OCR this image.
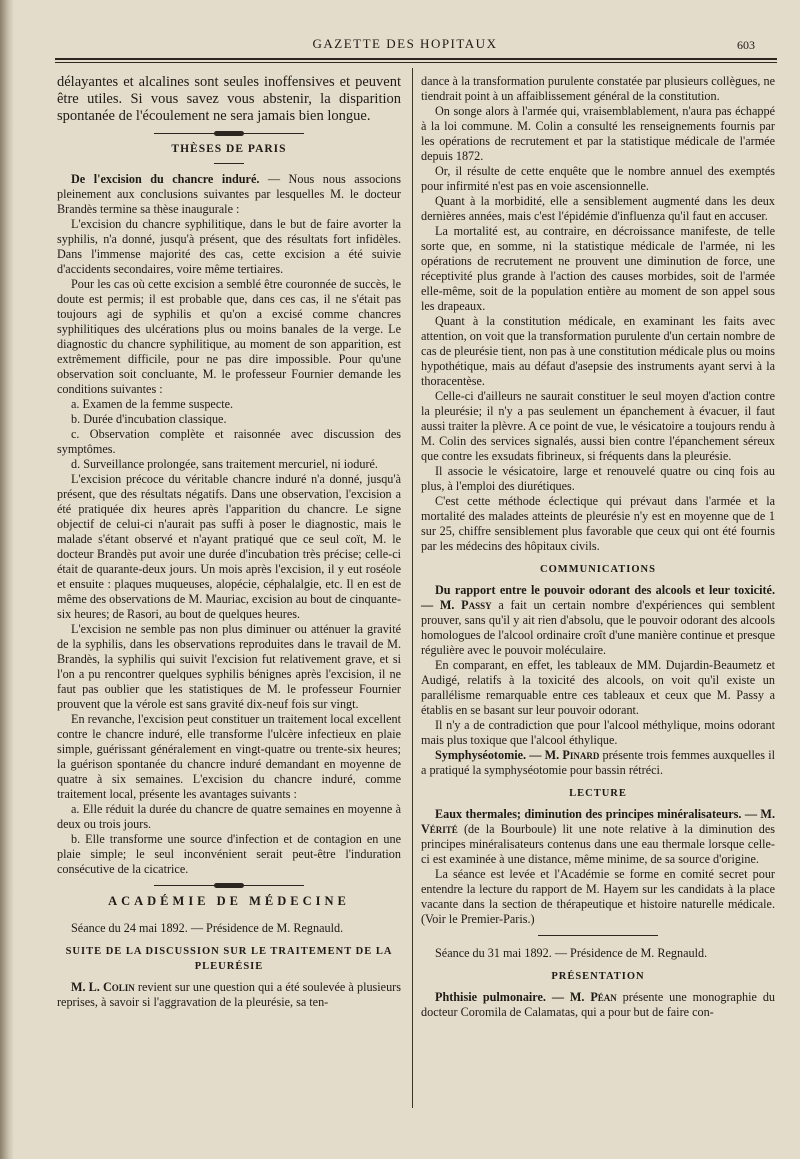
GAZETTE DES HOPITAUX	603

délayantes et alcalines sont seules inoffensives et peuvent être utiles. Si vous savez vous abstenir, la disparition spontanée de l'écoulement ne sera jamais bien longue.

THÈSES DE PARIS

De l'excision du chancre induré. — Nous nous associons pleinement aux conclusions suivantes par lesquelles M. le docteur Brandès termine sa thèse inaugurale :

L'excision du chancre syphilitique, dans le but de faire avorter la syphilis, n'a donné, jusqu'à présent, que des résultats fort infidèles. Dans l'immense majorité des cas, cette excision a été suivie d'accidents secondaires, voire même tertiaires.

Pour les cas où cette excision a semblé être couronnée de succès, le doute est permis; il est probable que, dans ces cas, il ne s'était pas toujours agi de syphilis et qu'on a excisé comme chancres syphilitiques des ulcérations plus ou moins banales de la verge. Le diagnostic du chancre syphilitique, au moment de son apparition, est extrêmement difficile, pour ne pas dire impossible. Pour qu'une observation soit concluante, M. le professeur Fournier demande les conditions suivantes :

a. Examen de la femme suspecte.

b. Durée d'incubation classique.

c. Observation complète et raisonnée avec discussion des symptômes.

d. Surveillance prolongée, sans traitement mercuriel, ni ioduré.

L'excision précoce du véritable chancre induré n'a donné, jusqu'à présent, que des résultats négatifs. Dans une observation, l'excision a été pratiquée dix heures après l'apparition du chancre. Le signe objectif de celui-ci n'aurait pas suffi à poser le diagnostic, mais le malade s'étant observé et n'ayant pratiqué que ce seul coït, M. le docteur Brandès put avoir une durée d'incubation très précise; celle-ci était de quarante-deux jours. Un mois après l'excision, il y eut roséole et ensuite : plaques muqueuses, alopécie, céphalalgie, etc. Il en est de même des observations de M. Mauriac, excision au bout de cinquante-six heures; de Rasori, au bout de quelques heures.

L'excision ne semble pas non plus diminuer ou atténuer la gravité de la syphilis, dans les observations reproduites dans le travail de M. Brandès, la syphilis qui suivit l'excision fut relativement grave, et si l'on a pu rencontrer quelques syphilis bénignes après l'excision, il ne faut pas oublier que les statistiques de M. le professeur Fournier prouvent que la vérole est sans gravité dix-neuf fois sur vingt.

En revanche, l'excision peut constituer un traitement local excellent contre le chancre induré, elle transforme l'ulcère infectieux en plaie simple, guérissant généralement en vingt-quatre ou trente-six heures; la guérison spontanée du chancre induré demandant en moyenne de quatre à six semaines. L'excision du chancre induré, comme traitement local, présente les avantages suivants :

a. Elle réduit la durée du chancre de quatre semaines en moyenne à deux ou trois jours.

b. Elle transforme une source d'infection et de contagion en une plaie simple; le seul inconvénient serait peut-être l'induration consécutive de la cicatrice.

ACADÉMIE DE MÉDECINE

Séance du 24 mai 1892. — Présidence de M. Regnauld.

SUITE DE LA DISCUSSION SUR LE TRAITEMENT DE LA PLEURÉSIE

M. L. Colin revient sur une question qui a été soulevée à plusieurs reprises, à savoir si l'aggravation de la pleurésie, sa ten-

dance à la transformation purulente constatée par plusieurs collègues, ne tiendrait point à un affaiblissement général de la constitution.

On songe alors à l'armée qui, vraisemblablement, n'aura pas échappé à la loi commune. M. Colin a consulté les renseignements fournis par les opérations de recrutement et par la statistique médicale de l'armée depuis 1872.

Or, il résulte de cette enquête que le nombre annuel des exemptés pour infirmité n'est pas en voie ascensionnelle.

Quant à la morbidité, elle a sensiblement augmenté dans les deux dernières années, mais c'est l'épidémie d'influenza qu'il faut en accuser.

La mortalité est, au contraire, en décroissance manifeste, de telle sorte que, en somme, ni la statistique médicale de l'armée, ni les opérations de recrutement ne prouvent une diminution de force, une réceptivité plus grande à l'action des causes morbides, soit de l'armée elle-même, soit de la population entière au moment de son appel sous les drapeaux.

Quant à la constitution médicale, en examinant les faits avec attention, on voit que la transformation purulente d'un certain nombre de cas de pleurésie tient, non pas à une constitution médicale plus ou moins hypothétique, mais au défaut d'asepsie des instruments ayant servi à la thoracentèse.

Celle-ci d'ailleurs ne saurait constituer le seul moyen d'action contre la pleurésie; il n'y a pas seulement un épanchement à évacuer, il faut aussi traiter la plèvre. A ce point de vue, le vésicatoire a toujours rendu à M. Colin des services signalés, aussi bien contre l'épanchement séreux que contre les exsudats fibrineux, si fréquents dans la pleurésie.

Il associe le vésicatoire, large et renouvelé quatre ou cinq fois au plus, à l'emploi des diurétiques.

C'est cette méthode éclectique qui prévaut dans l'armée et la mortalité des malades atteints de pleurésie n'y est en moyenne que de 1 sur 25, chiffre sensiblement plus favorable que ceux qui ont été fournis par les médecins des hôpitaux civils.

COMMUNICATIONS

Du rapport entre le pouvoir odorant des alcools et leur toxicité. — M. Passy a fait un certain nombre d'expériences qui semblent prouver, sans qu'il y ait rien d'absolu, que le pouvoir odorant des alcools homologues de l'alcool ordinaire croît d'une manière continue et presque régulière avec le pouvoir moléculaire.

En comparant, en effet, les tableaux de MM. Dujardin-Beaumetz et Audigé, relatifs à la toxicité des alcools, on voit qu'il existe un parallélisme remarquable entre ces tableaux et ceux que M. Passy a établis en se basant sur leur pouvoir odorant.

Il n'y a de contradiction que pour l'alcool méthylique, moins odorant mais plus toxique que l'alcool éthylique.

Symphyséotomie. — M. Pinard présente trois femmes auxquelles il a pratiqué la symphyséotomie pour bassin rétréci.

LECTURE

Eaux thermales; diminution des principes minéralisateurs. — M. Vérité (de la Bourboule) lit une note relative à la diminution des principes minéralisateurs contenus dans une eau thermale lorsque celle-ci est examinée à une distance, même minime, de sa source d'origine.

La séance est levée et l'Académie se forme en comité secret pour entendre la lecture du rapport de M. Hayem sur les candidats à la place vacante dans la section de thérapeutique et histoire naturelle médicale. (Voir le Premier-Paris.)

Séance du 31 mai 1892. — Présidence de M. Regnauld.

PRÉSENTATION

Phthisie pulmonaire. — M. Péan présente une monographie du docteur Coromila de Calamatas, qui a pour but de faire con-
